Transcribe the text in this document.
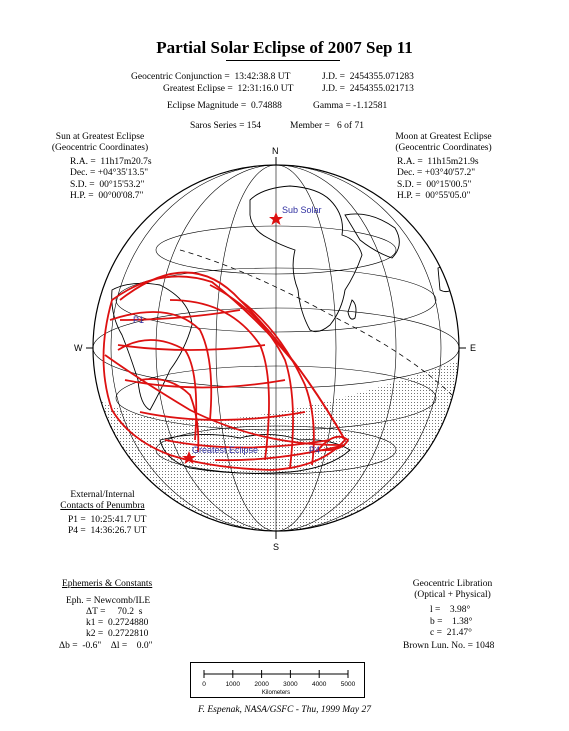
Partial Solar Eclipse of 2007 Sep 11
Geocentric Conjunction =  13:42:38.8 UT	J.D. =  2454355.071283
Greatest Eclipse =  12:31:16.0 UT	J.D. =  2454355.021713
Eclipse Magnitude =  0.74888	Gamma = -1.12581
Saros Series = 154	Member =   6 of 71
Sun at Greatest Eclipse
(Geocentric Coordinates)
R.A. =  11h17m20.7s
Dec. = +04°35'13.5"
S.D. =  00°15'53.2"
H.P. =  00°00'08.7"
Moon at Greatest Eclipse
(Geocentric Coordinates)
R.A. =  11h15m21.9s
Dec. = +03°40'57.2"
S.D. =  00°15'00.5"
H.P. =  00°55'05.0"
N
S
W	E
Sub Solar
Greatest Eclipse
P1
P4
External/Internal
Contacts of Penumbra
P1 =  10:25:41.7 UT
P4 =  14:36:26.7 UT
Ephemeris & Constants
Eph. = Newcomb/ILE
ΔT =     70.2  s
k1 =  0.2724880
k2 =  0.2722810
Δb =  -0.6"    Δl =    0.0"
Geocentric Libration
(Optical + Physical)
l =    3.98°
b =    1.38°
c =  21.47°
Brown Lun. No. = 1048
0	1000 2000 3000 4000 5000
Kilometers
F. Espenak, NASA/GSFC - Thu, 1999 May 27
